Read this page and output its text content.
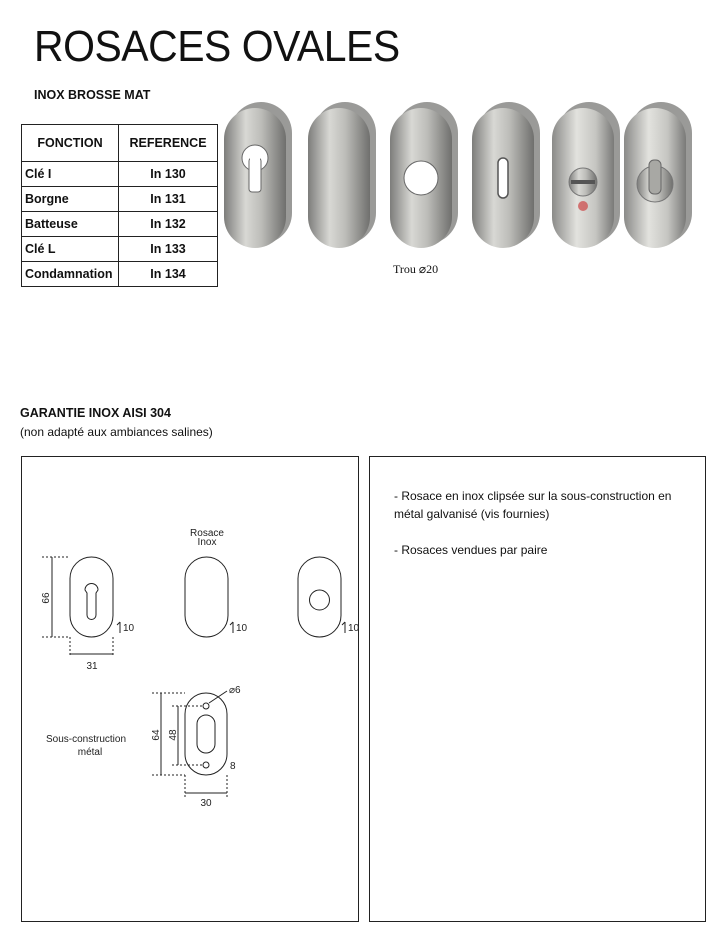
ROSACES OVALES
INOX BROSSE MAT
FONCTION	REFERENCE
Clé I	In 130
Borgne	In 131
Batteuse	In 132
Clé L	In 133
Condamnation	In 134	Trou ⌀20
GARANTIE INOX AISI 304
(non adapté aux ambiances salines)
Rosace
Inox
66
31
10	10	10
Sous-construction
métal
64 48
⌀6
8
30

- Rosace en inox clipsée sur la sous-construction en métal galvanisé (vis fournies)

- Rosaces vendues par paire
